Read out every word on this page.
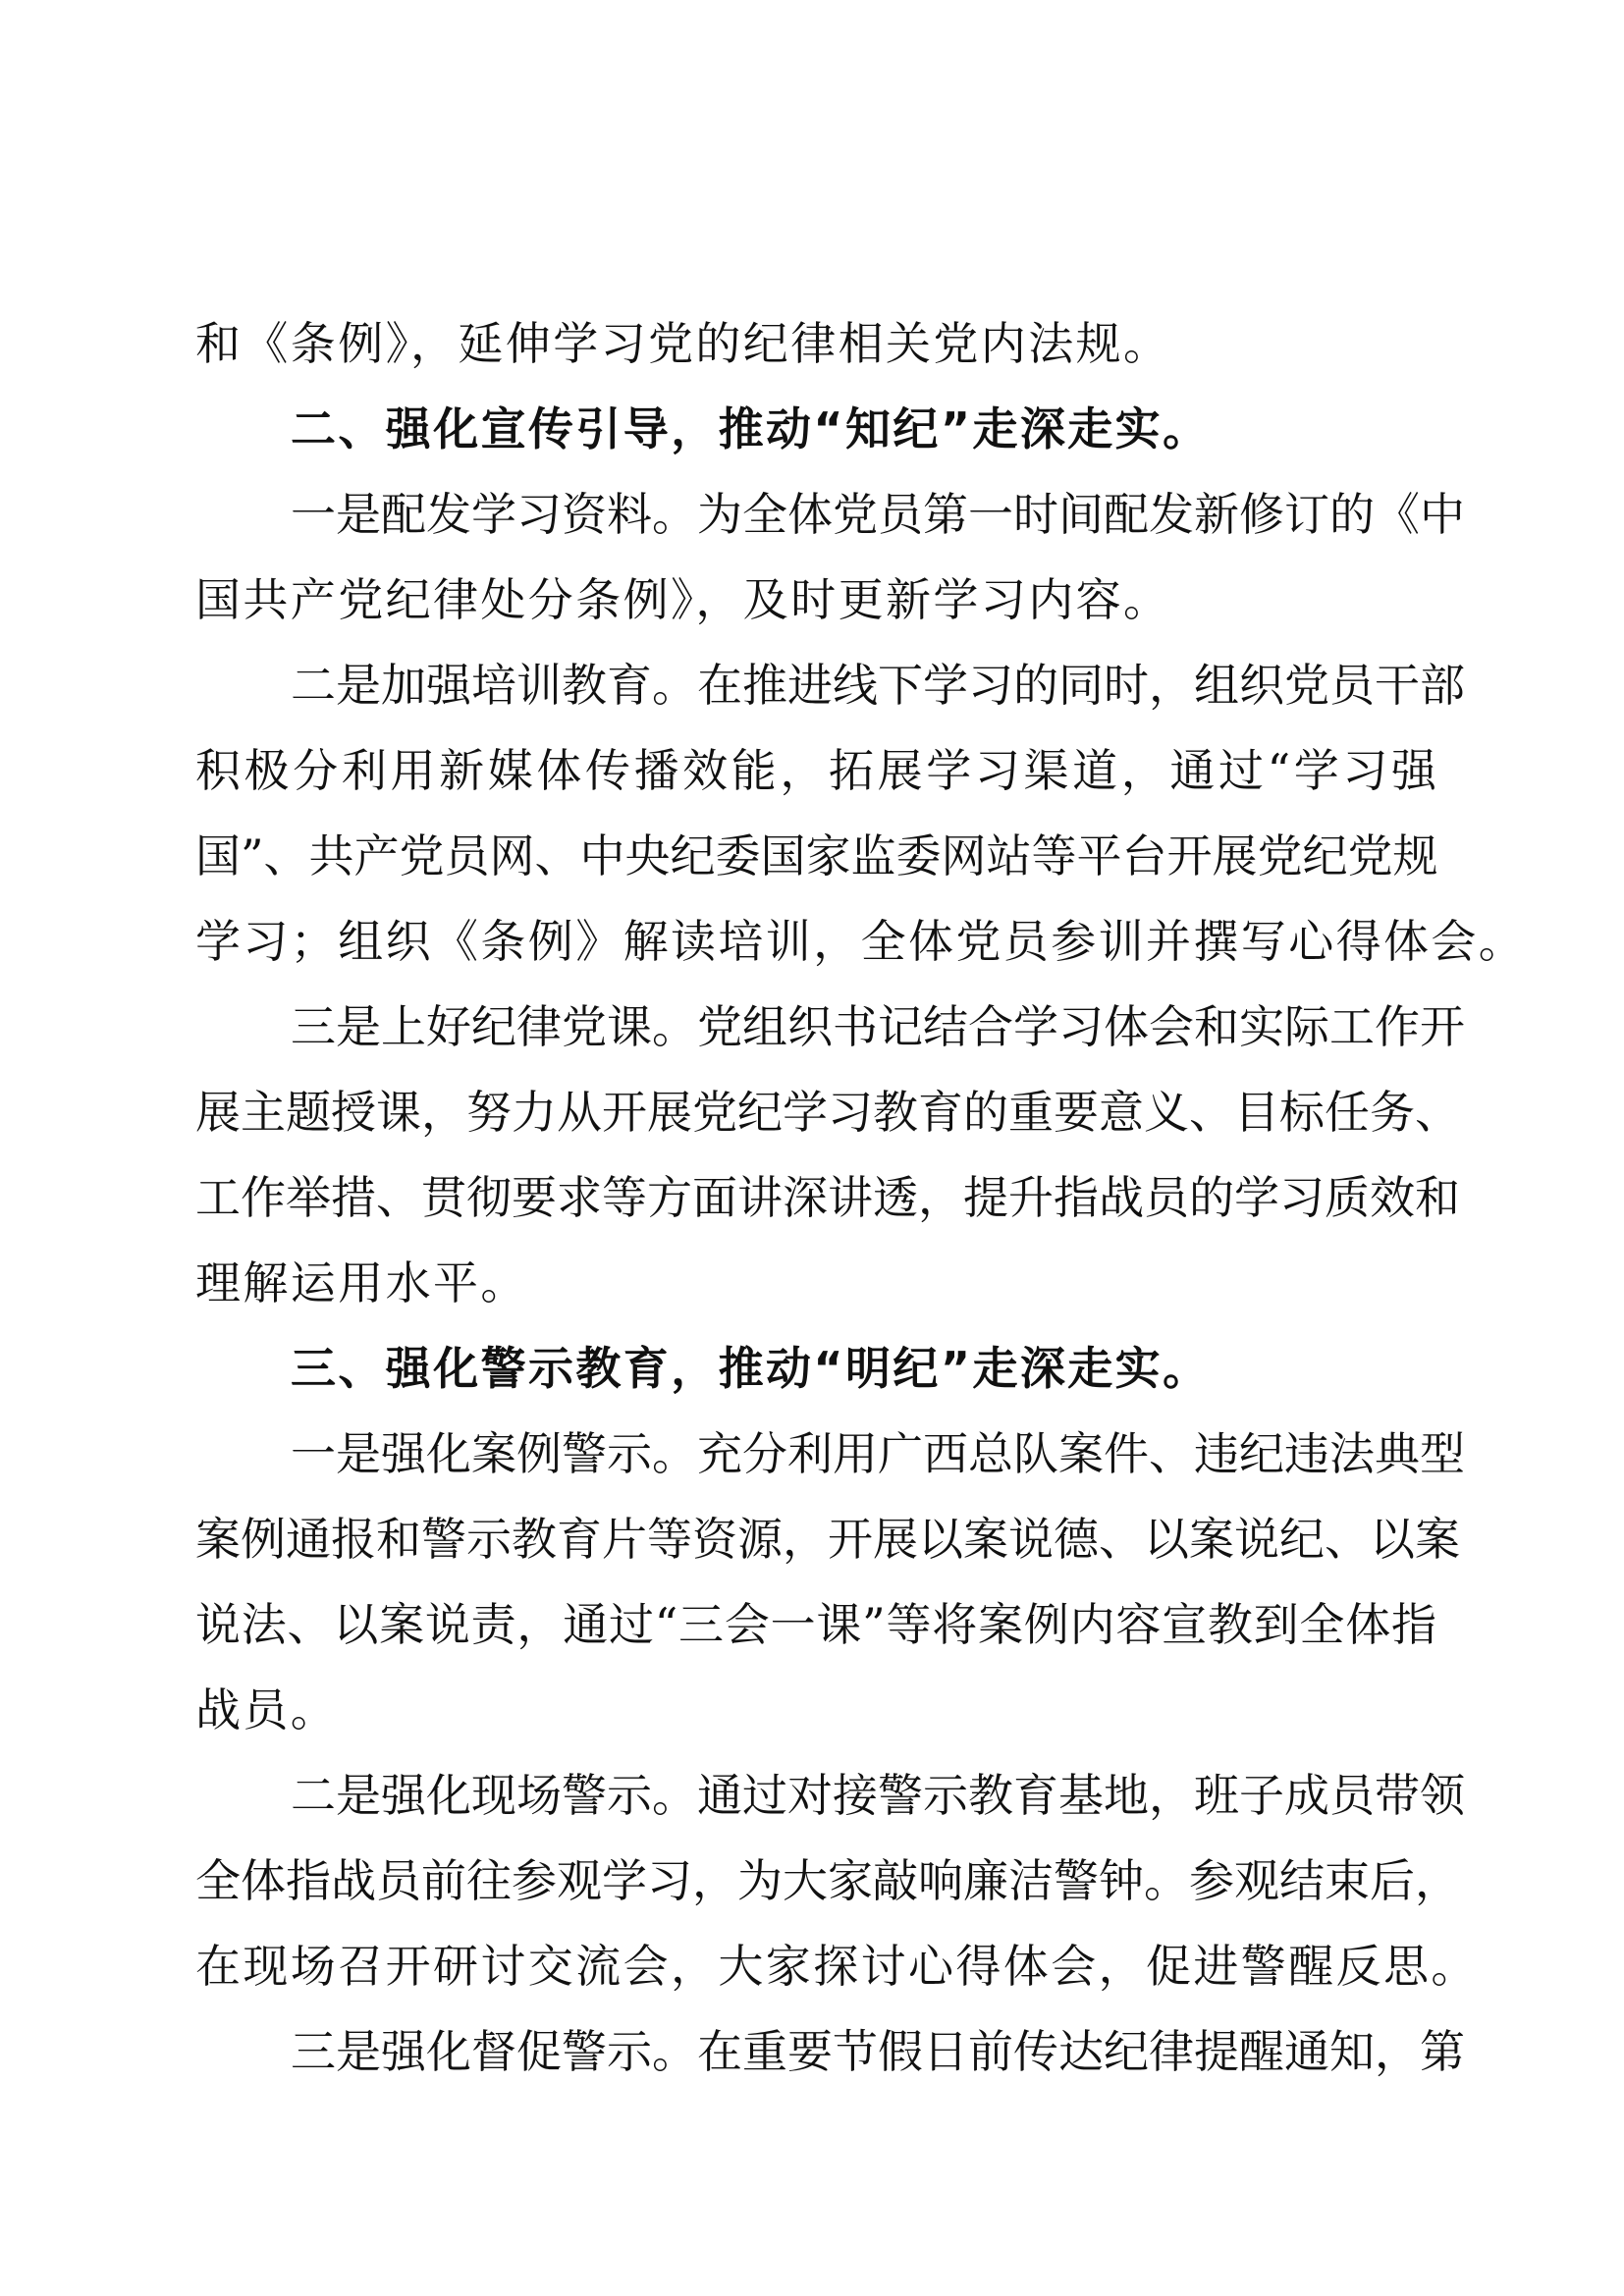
和《条例》，延伸学习党的纪律相关党内法规。
二、强化宣传引导，推动“知纪”走深走实。
一是配发学习资料。为全体党员第一时间配发新修订的《中
国共产党纪律处分条例》，及时更新学习内容。
二是加强培训教育。在推进线下学习的同时，组织党员干部
积极分利用新媒体传播效能，拓展学习渠道，通过“学习强
国”、共产党员网、中央纪委国家监委网站等平台开展党纪党规
学习；组织《条例》解读培训，全体党员参训并撰写心得体会。
三是上好纪律党课。党组织书记结合学习体会和实际工作开
展主题授课，努力从开展党纪学习教育的重要意义、目标任务、
工作举措、贯彻要求等方面讲深讲透，提升指战员的学习质效和
理解运用水平。
三、强化警示教育，推动“明纪”走深走实。
一是强化案例警示。充分利用广西总队案件、违纪违法典型
案例通报和警示教育片等资源，开展以案说德、以案说纪、以案
说法、以案说责，通过“三会一课”等将案例内容宣教到全体指
战员。
二是强化现场警示。通过对接警示教育基地，班子成员带领
全体指战员前往参观学习，为大家敲响廉洁警钟。参观结束后，
在现场召开研讨交流会，大家探讨心得体会，促进警醒反思。
三是强化督促警示。在重要节假日前传达纪律提醒通知，第
